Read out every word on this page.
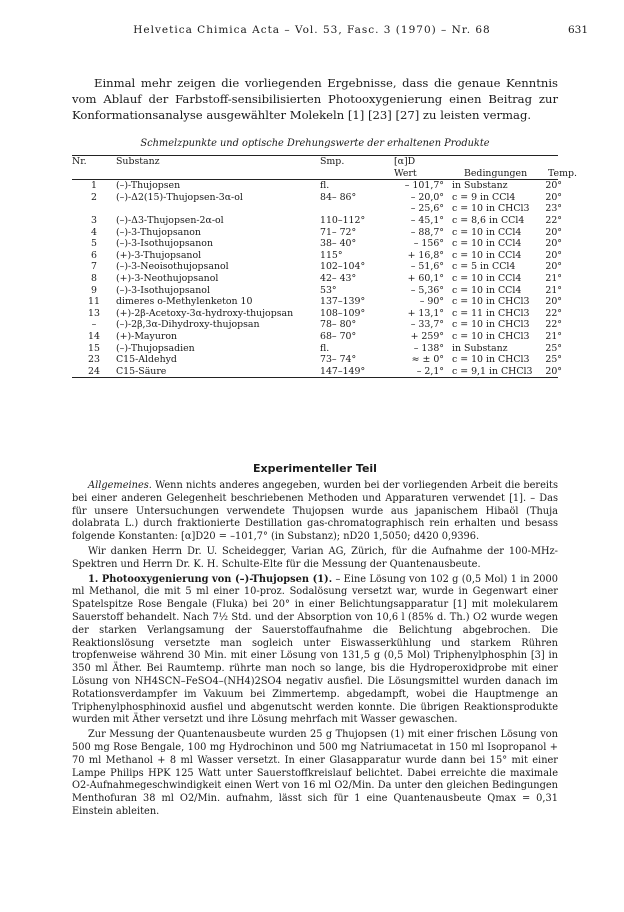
Helvetica Chimica Acta – Vol. 53, Fasc. 3 (1970) – Nr. 68	631
Einmal mehr zeigen die vorliegenden Ergebnisse, dass die genaue Kenntnis vom Ablauf der Farbstoff-sensibilisierten Photooxygenierung einen Beitrag zur Konformationsanalyse ausgewählter Molekeln [1] [23] [27] zu leisten vermag.
Schmelzpunkte und optische Drehungswerte der erhaltenen Produkte
Nr.	Substanz	Smp.	[α]D		
			Wert	Bedingungen	Temp.
1	(–)-Thujopsen	fl.	– 101,7°	in Substanz	20°
2	(–)-Δ2(15)-Thujopsen-3α-ol	84– 86°	– 20,0°	c = 9 in CCl4	20°
			– 25,6°	c = 10 in CHCl3	23°
3	(–)-Δ3-Thujopsen-2α-ol	110–112°	– 45,1°	c = 8,6 in CCl4	22°
4	(–)-3-Thujopsanon	71– 72°	– 88,7°	c = 10 in CCl4	20°
5	(–)-3-Isothujopsanon	38– 40°	– 156°	c = 10 in CCl4	20°
6	(+)-3-Thujopsanol	115°	+ 16,8°	c = 10 in CCl4	20°
7	(–)-3-Neoisothujopsanol	102–104°	– 51,6°	c = 5 in CCl4	20°
8	(+)-3-Neothujopsanol	42– 43°	+ 60,1°	c = 10 in CCl4	21°
9	(–)-3-Isothujopsanol	53°	– 5,36°	c = 10 in CCl4	21°
11	dimeres o-Methylenketon 10	137–139°	– 90°	c = 10 in CHCl3	20°
13	(+)-2β-Acetoxy-3α-hydroxy-thujopsan	108–109°	+ 13,1°	c = 11 in CHCl3	22°
–	(–)-2β,3α-Dihydroxy-thujopsan	78– 80°	– 33,7°	c = 10 in CHCl3	22°
14	(+)-Mayuron	68– 70°	+ 259°	c = 10 in CHCl3	21°
15	(–)-Thujopsadien	fl.	– 138°	in Substanz	25°
23	C15-Aldehyd	73– 74°	≈ ± 0°	c = 10 in CHCl3	25°
24	C15-Säure	147–149°	– 2,1°	c = 9,1 in CHCl3	20°
Experimenteller Teil

Allgemeines. Wenn nichts anderes angegeben, wurden bei der vorliegenden Arbeit die bereits bei einer anderen Gelegenheit beschriebenen Methoden und Apparaturen verwendet [1]. – Das für unsere Untersuchungen verwendete Thujopsen wurde aus japanischem Hibaöl (Thuja dolabrata L.) durch fraktionierte Destillation gas-chromatographisch rein erhalten und besass folgende Konstanten: [α]D20 = –101,7° (in Substanz); nD20 1,5050; d420 0,9396.

Wir danken Herrn Dr. U. Scheidegger, Varian AG, Zürich, für die Aufnahme der 100-MHz-Spektren und Herrn Dr. K. H. Schulte-Elte für die Messung der Quantenausbeute.

1. Photooxygenierung von (–)-Thujopsen (1). – Eine Lösung von 102 g (0,5 Mol) 1 in 2000 ml Methanol, die mit 5 ml einer 10-proz. Sodalösung versetzt war, wurde in Gegenwart einer Spatelspitze Rose Bengale (Fluka) bei 20° in einer Belichtungsapparatur [1] mit molekularem Sauerstoff behandelt. Nach 7½ Std. und der Absorption von 10,6 l (85% d. Th.) O2 wurde wegen der starken Verlangsamung der Sauerstoffaufnahme die Belichtung abgebrochen. Die Reaktionslösung versetzte man sogleich unter Eiswasserkühlung und starkem Rühren tropfenweise während 30 Min. mit einer Lösung von 131,5 g (0,5 Mol) Triphenylphosphin [3] in 350 ml Äther. Bei Raumtemp. rührte man noch so lange, bis die Hydroperoxidprobe mit einer Lösung von NH4SCN–FeSO4–(NH4)2SO4 negativ ausfiel. Die Lösungsmittel wurden danach im Rotationsverdampfer im Vakuum bei Zimmertemp. abgedampft, wobei die Hauptmenge an Triphenylphosphinoxid ausfiel und abgenutscht werden konnte. Die übrigen Reaktionsprodukte wurden mit Äther versetzt und ihre Lösung mehrfach mit Wasser gewaschen.

Zur Messung der Quantenausbeute wurden 25 g Thujopsen (1) mit einer frischen Lösung von 500 mg Rose Bengale, 100 mg Hydrochinon und 500 mg Natriumacetat in 150 ml Isopropanol + 70 ml Methanol + 8 ml Wasser versetzt. In einer Glasapparatur wurde dann bei 15° mit einer Lampe Philips HPK 125 Watt unter Sauerstoffkreislauf belichtet. Dabei erreichte die maximale O2-Aufnahmegeschwindigkeit einen Wert von 16 ml O2/Min. Da unter den gleichen Bedingungen Menthofuran 38 ml O2/Min. aufnahm, lässt sich für 1 eine Quantenausbeute Qmax = 0,31 Einstein ableiten.
